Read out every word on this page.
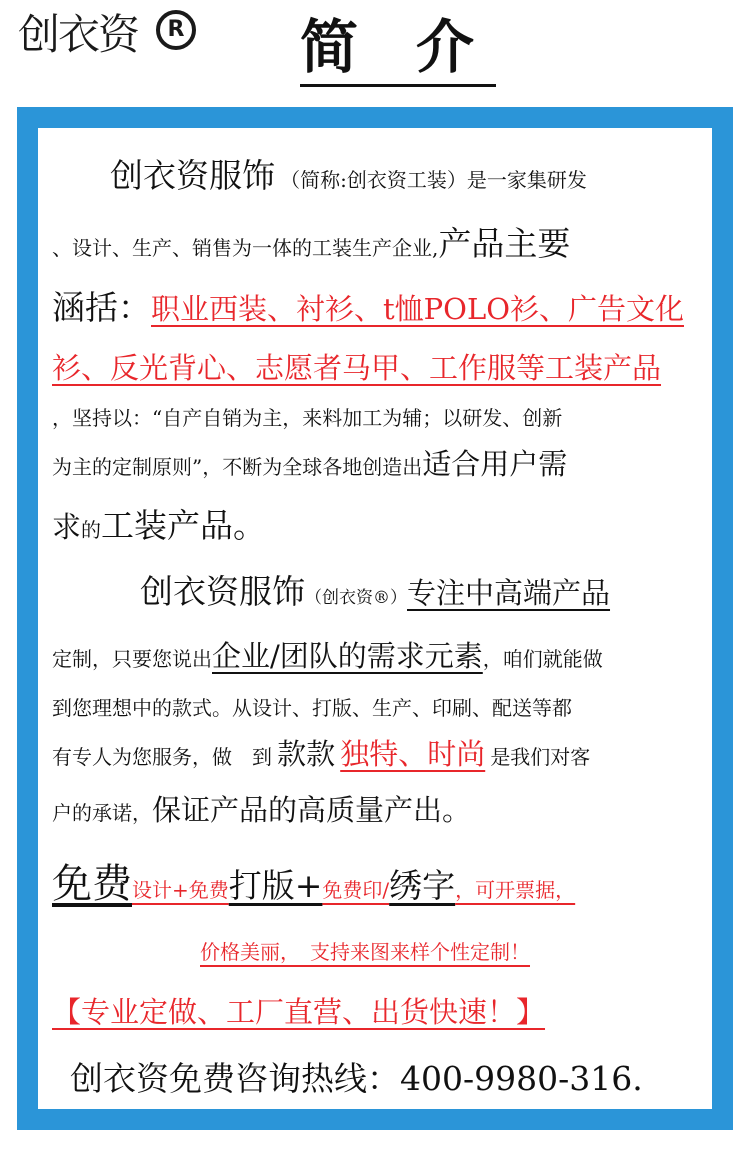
创衣资	R 简介
创衣资服饰 （简称:创衣资工装）是一家集研发
、设计、生产、销售为一体的工装生产企业,产品主要
涵括：职业西装、衬衫、t恤POLO衫、广告文化
衫、反光背心、志愿者马甲、工作服等工装产品
，坚持以：“自产自销为主，来料加工为辅；以研发、创新
为主的定制原则”，不断为全球各地创造出适合用户需
求的工装产品。
创衣资服饰（创衣资®）专注中高端产品
定制，只要您说出企业/团队的需求元素，咱们就能做
到您理想中的款式。从设计、打版、生产、印刷、配送等都
有专人为您服务，做　到 款款 独特、时尚 是我们对客
户的承诺，保证产品的高质量产出。
免费设计+免费打版+免费印/绣字，可开票据，
价格美丽，　支持来图来样个性定制！
【专业定做、工厂直营、出货快速！】
创衣资免费咨询热线：400-9980-316.
